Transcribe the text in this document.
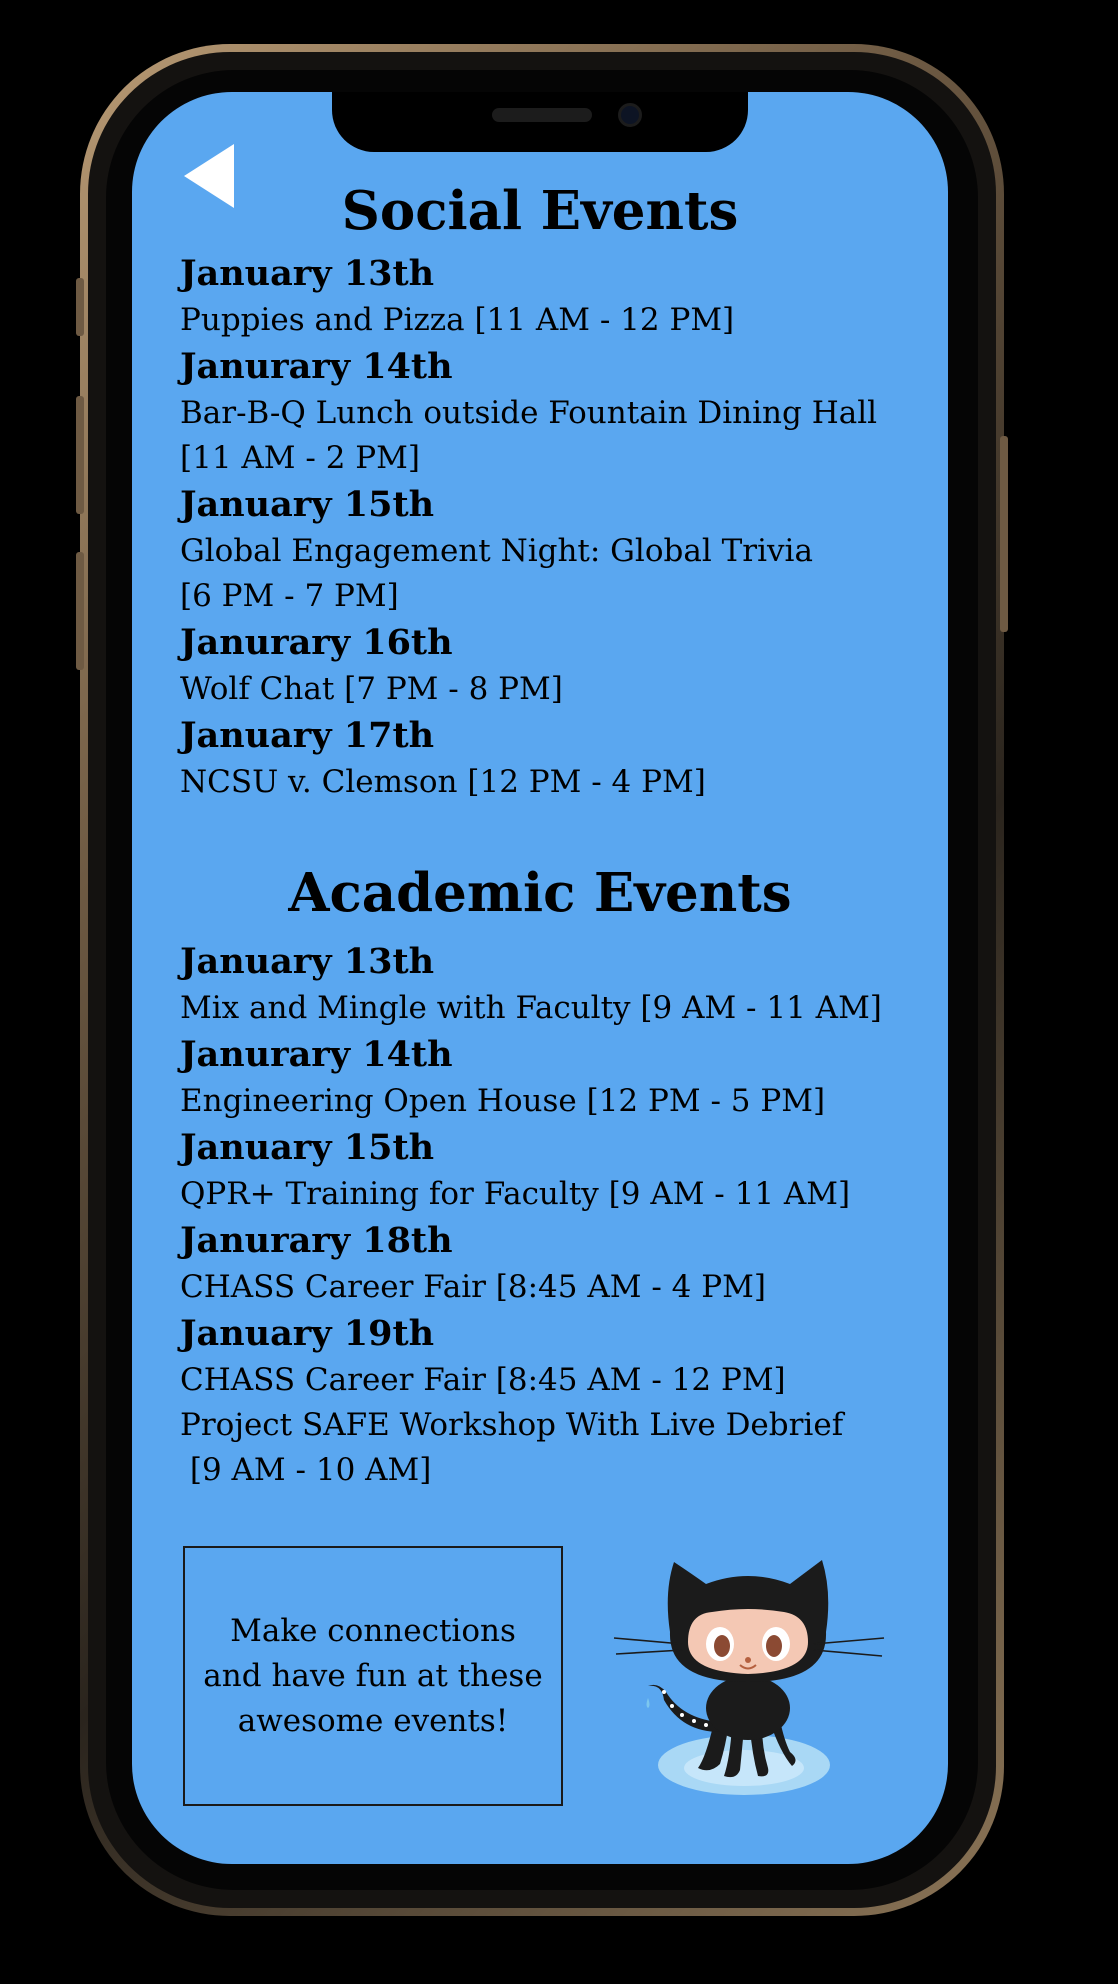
Social Events
January 13th
Puppies and Pizza [11 AM - 12 PM]
Janurary 14th
Bar-B-Q Lunch outside Fountain Dining Hall
[11 AM - 2 PM]
January 15th
Global Engagement Night: Global Trivia
[6 PM - 7 PM]
Janurary 16th
Wolf Chat [7 PM - 8 PM]
January 17th
NCSU v. Clemson [12 PM - 4 PM]
Academic Events
January 13th
Mix and Mingle with Faculty [9 AM - 11 AM]
Janurary 14th
Engineering Open House [12 PM - 5 PM]
January 15th
QPR+ Training for Faculty [9 AM - 11 AM]
Janurary 18th
CHASS Career Fair [8:45 AM - 4 PM]
January 19th
CHASS Career Fair [8:45 AM - 12 PM]
Project SAFE Workshop With Live Debrief
[9 AM - 10 AM]
Make connections
and have fun at these
awesome events!
